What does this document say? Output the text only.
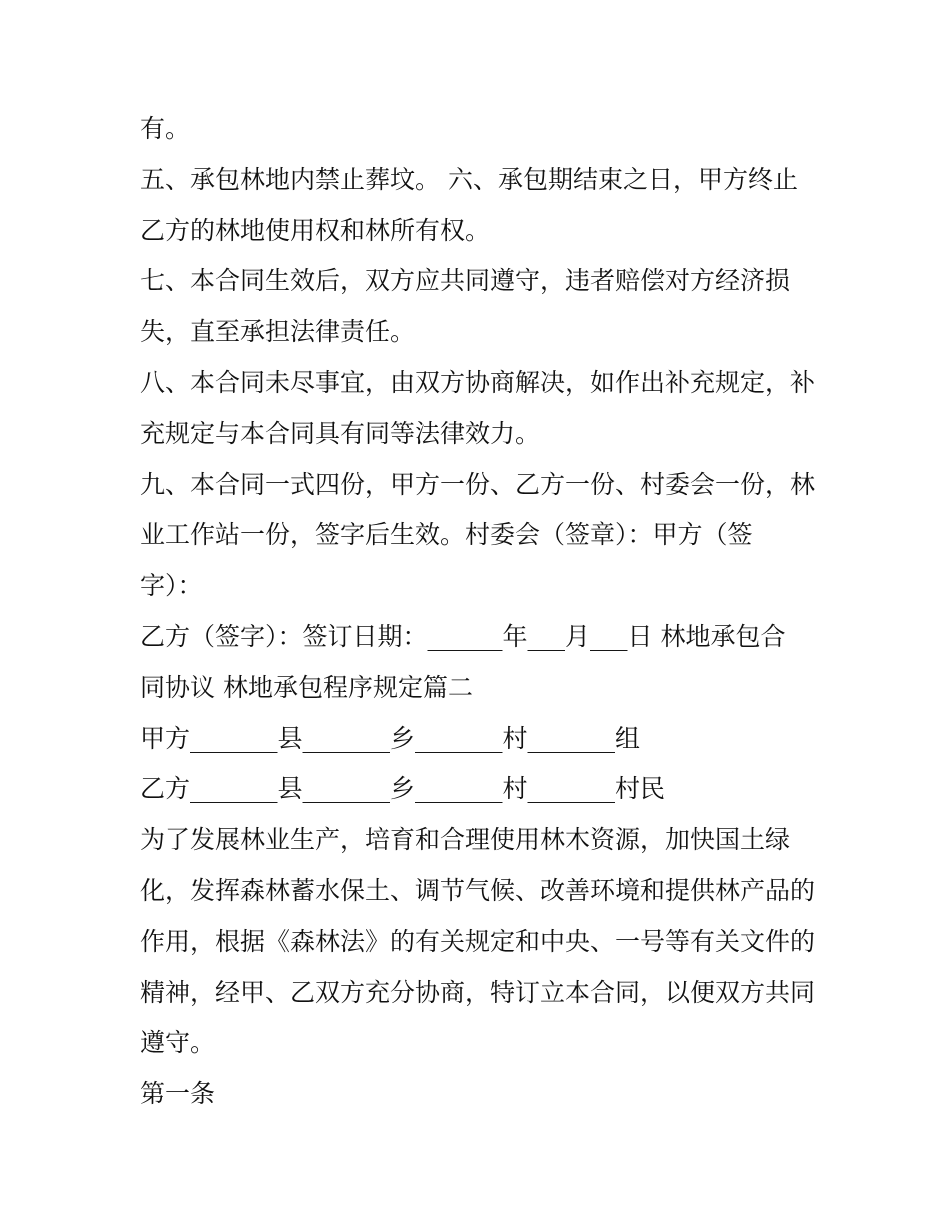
有。
五、承包林地内禁止葬坟。 六、承包期结束之日，甲方终止
乙方的林地使用权和林所有权。
七、本合同生效后，双方应共同遵守，违者赔偿对方经济损
失，直至承担法律责任。
八、本合同未尽事宜，由双方协商解决，如作出补充规定，补
充规定与本合同具有同等法律效力。
九、本合同一式四份，甲方一份、乙方一份、村委会一份，林
业工作站一份，签字后生效。村委会（签章）：甲方（签
字）：
乙方（签字）：签订日期：______年___月___日 林地承包合
同协议 林地承包程序规定篇二
甲方_______县_______乡_______村_______组
乙方_______县_______乡_______村_______村民
为了发展林业生产，培育和合理使用林木资源，加快国土绿
化，发挥森林蓄水保土、调节气候、改善环境和提供林产品的
作用，根据《森林法》的有关规定和中央、一号等有关文件的
精神，经甲、乙双方充分协商，特订立本合同，以便双方共同
遵守。
第一条
